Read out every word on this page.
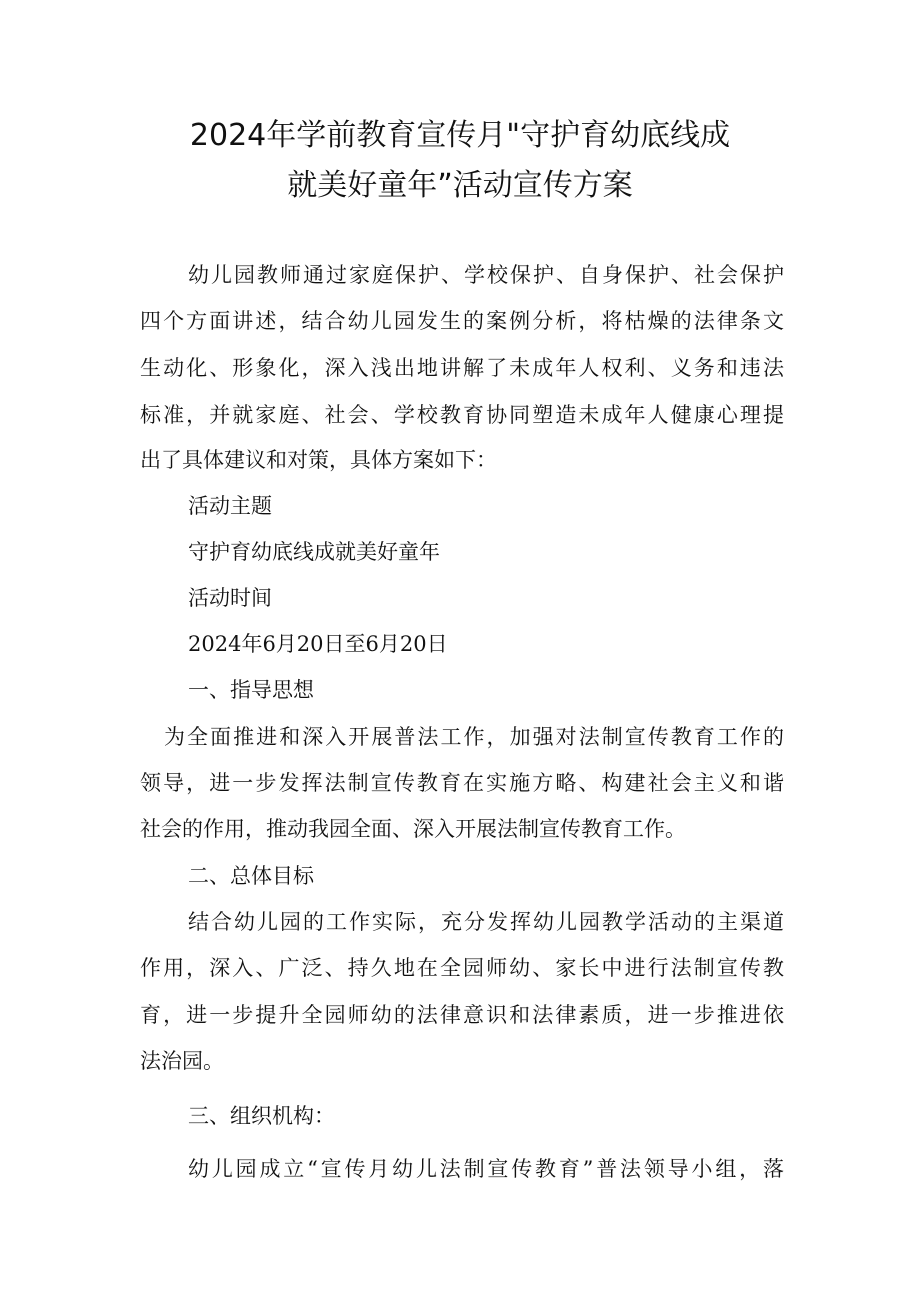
2024年学前教育宣传月"守护育幼底线成
就美好童年”活动宣传方案
幼儿园教师通过家庭保护、学校保护、自身保护、社会保护
四个方面讲述，结合幼儿园发生的案例分析，将枯燥的法律条文
生动化、形象化，深入浅出地讲解了未成年人权利、义务和违法
标准，并就家庭、社会、学校教育协同塑造未成年人健康心理提
出了具体建议和对策，具体方案如下：
活动主题
守护育幼底线成就美好童年
活动时间
2024年6月20日至6月20日
一、指导思想
为全面推进和深入开展普法工作，加强对法制宣传教育工作的
领导，进一步发挥法制宣传教育在实施方略、构建社会主义和谐
社会的作用，推动我园全面、深入开展法制宣传教育工作。
二、总体目标
结合幼儿园的工作实际，充分发挥幼儿园教学活动的主渠道
作用，深入、广泛、持久地在全园师幼、家长中进行法制宣传教
育，进一步提升全园师幼的法律意识和法律素质，进一步推进依
法治园。
三、组织机构：
幼儿园成立“宣传月幼儿法制宣传教育”普法领导小组，落
